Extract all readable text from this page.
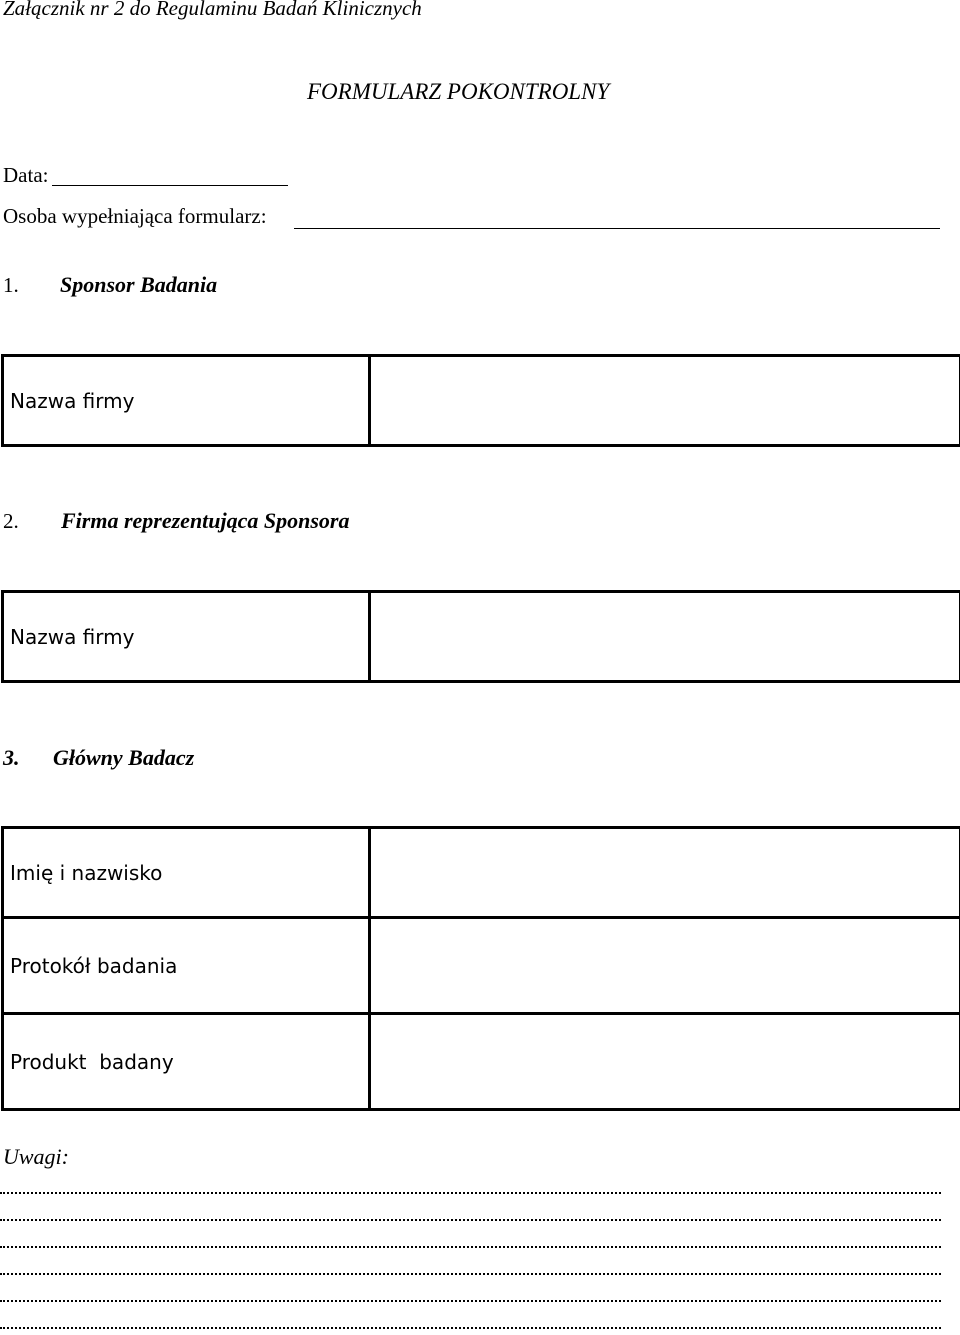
Załącznik nr 2 do Regulaminu Badań Klinicznych
FORMULARZ POKONTROLNY
Data:
Osoba wypełniająca formularz:
1. Sponsor Badania
Nazwa firmy	
2. Firma reprezentująca Sponsora
Nazwa firmy	
3. Główny Badacz
Imię i nazwisko	
Protokół badania	
Produkt  badany	
Uwagi:
